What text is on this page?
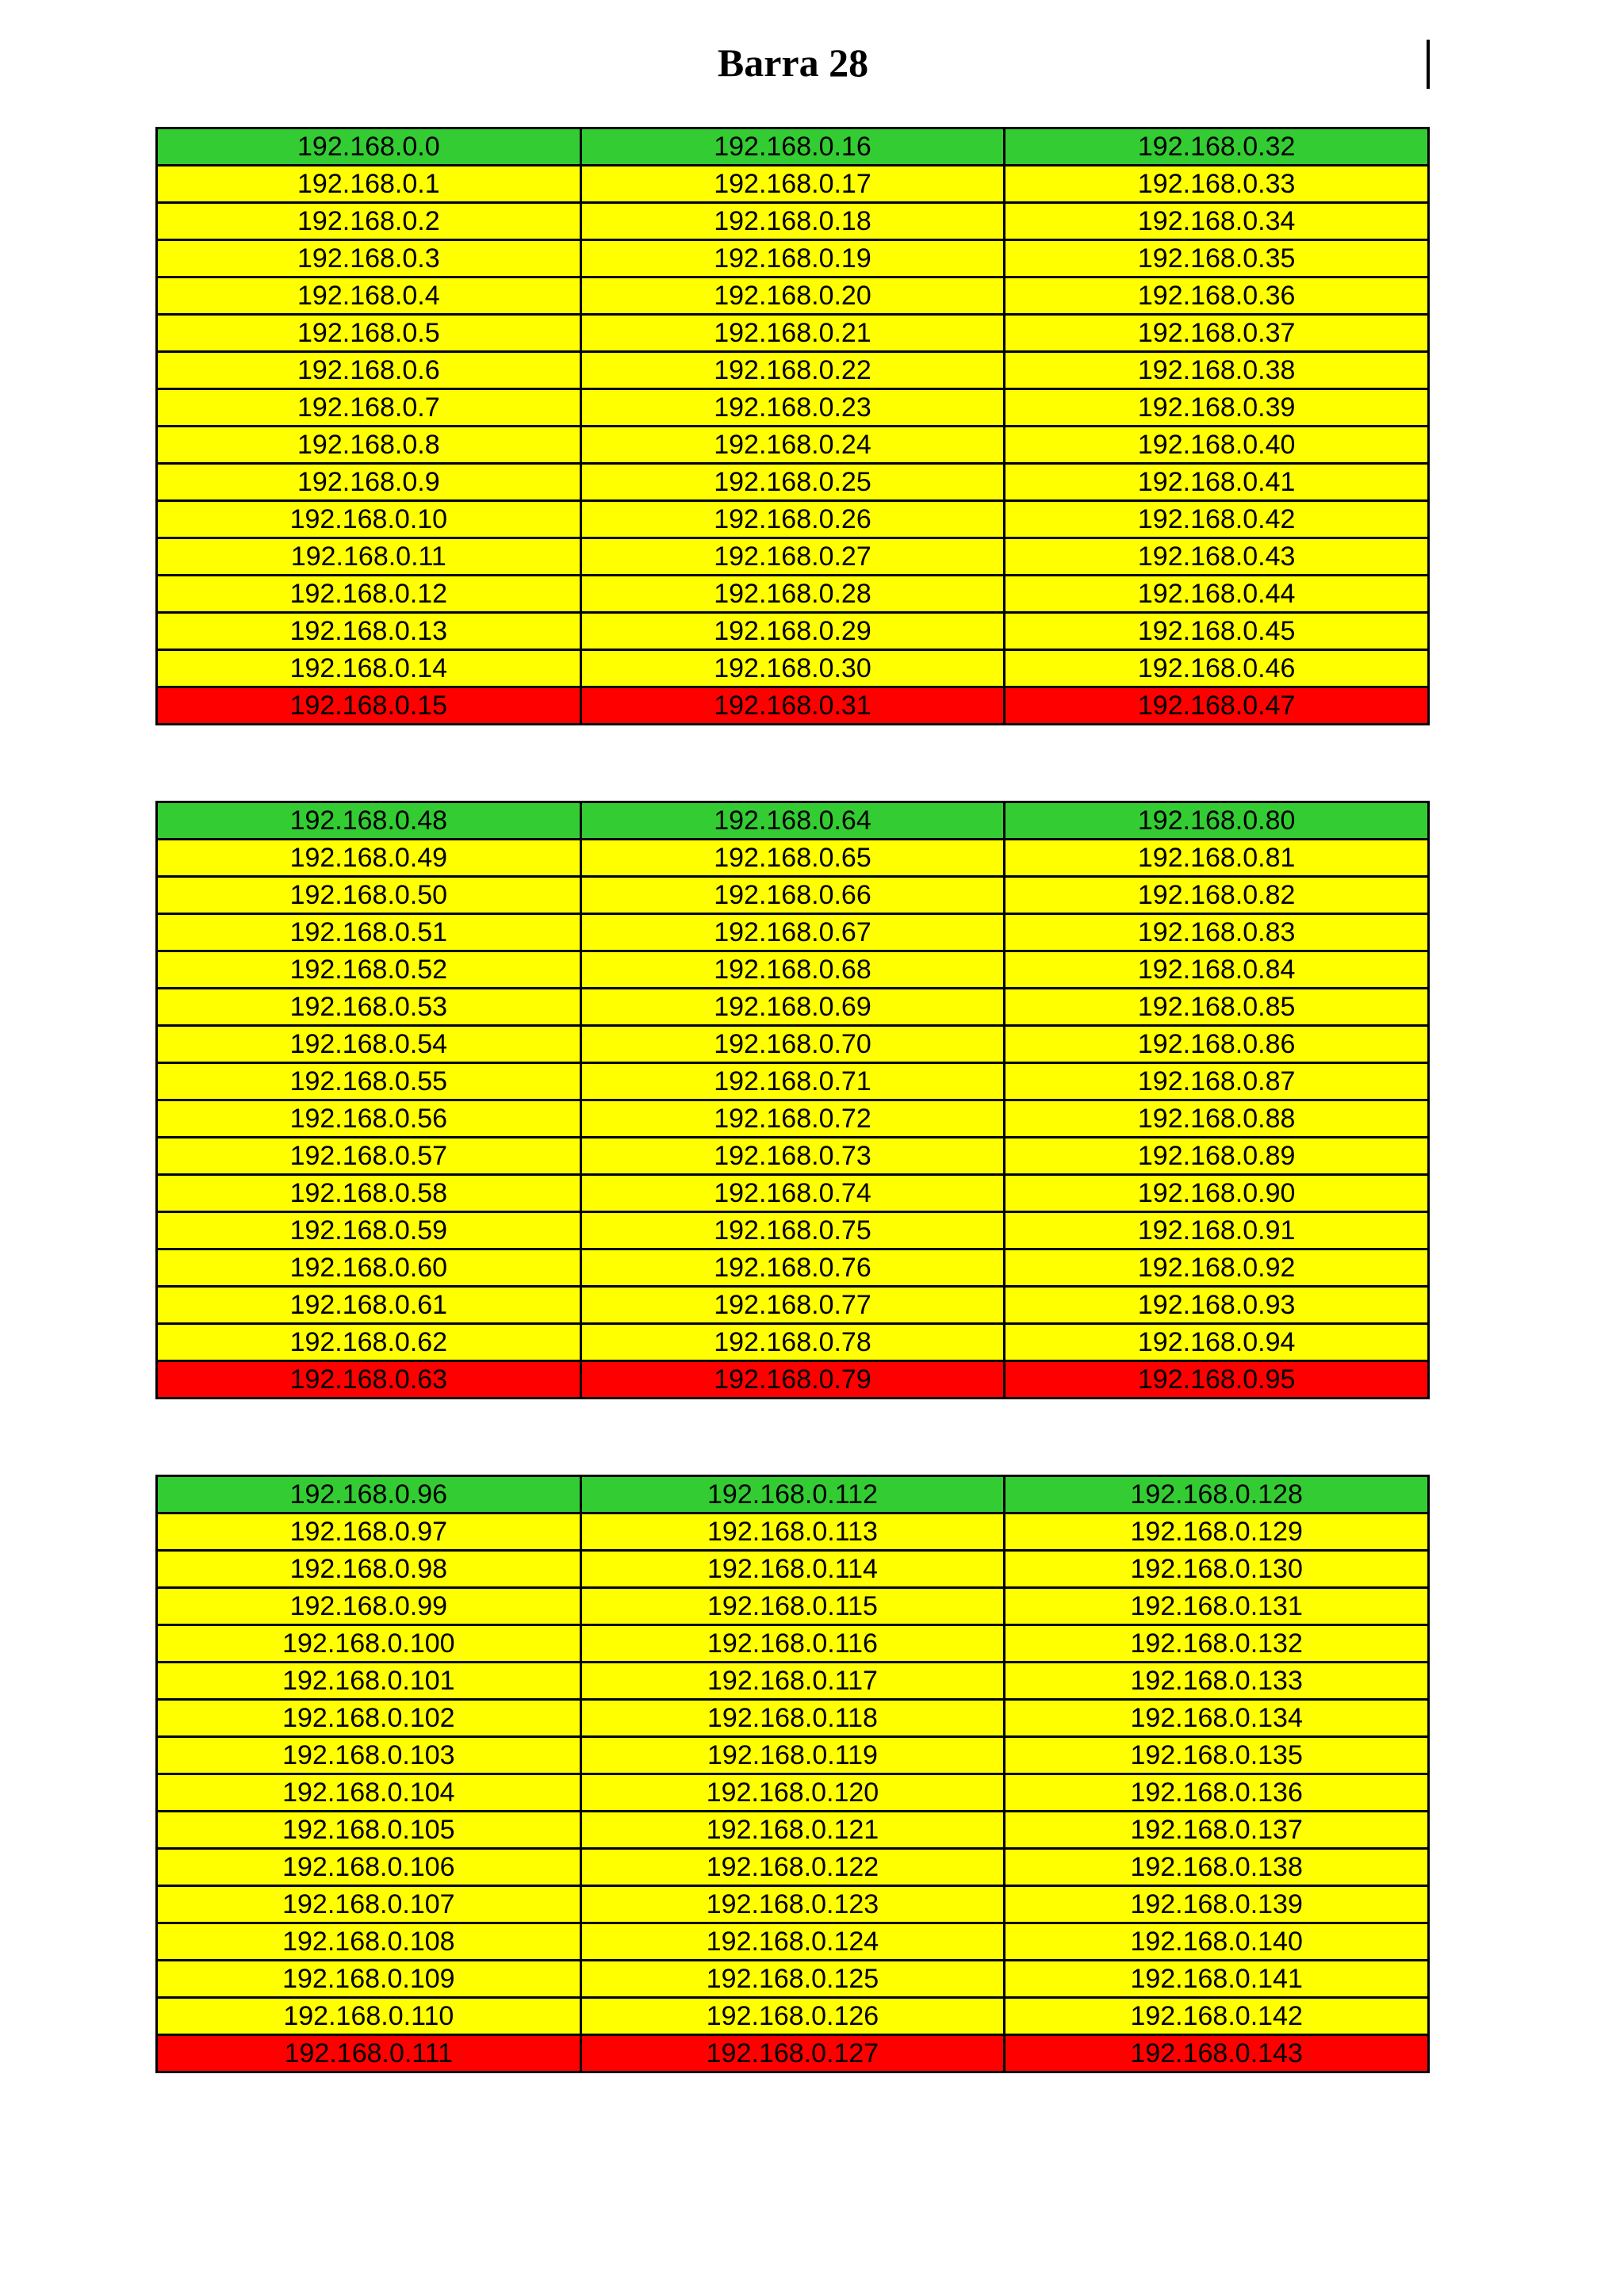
Barra 28
192.168.0.0	192.168.0.16	192.168.0.32
192.168.0.1	192.168.0.17	192.168.0.33
192.168.0.2	192.168.0.18	192.168.0.34
192.168.0.3	192.168.0.19	192.168.0.35
192.168.0.4	192.168.0.20	192.168.0.36
192.168.0.5	192.168.0.21	192.168.0.37
192.168.0.6	192.168.0.22	192.168.0.38
192.168.0.7	192.168.0.23	192.168.0.39
192.168.0.8	192.168.0.24	192.168.0.40
192.168.0.9	192.168.0.25	192.168.0.41
192.168.0.10	192.168.0.26	192.168.0.42
192.168.0.11	192.168.0.27	192.168.0.43
192.168.0.12	192.168.0.28	192.168.0.44
192.168.0.13	192.168.0.29	192.168.0.45
192.168.0.14	192.168.0.30	192.168.0.46
192.168.0.15	192.168.0.31	192.168.0.47
192.168.0.48	192.168.0.64	192.168.0.80
192.168.0.49	192.168.0.65	192.168.0.81
192.168.0.50	192.168.0.66	192.168.0.82
192.168.0.51	192.168.0.67	192.168.0.83
192.168.0.52	192.168.0.68	192.168.0.84
192.168.0.53	192.168.0.69	192.168.0.85
192.168.0.54	192.168.0.70	192.168.0.86
192.168.0.55	192.168.0.71	192.168.0.87
192.168.0.56	192.168.0.72	192.168.0.88
192.168.0.57	192.168.0.73	192.168.0.89
192.168.0.58	192.168.0.74	192.168.0.90
192.168.0.59	192.168.0.75	192.168.0.91
192.168.0.60	192.168.0.76	192.168.0.92
192.168.0.61	192.168.0.77	192.168.0.93
192.168.0.62	192.168.0.78	192.168.0.94
192.168.0.63	192.168.0.79	192.168.0.95
192.168.0.96	192.168.0.112	192.168.0.128
192.168.0.97	192.168.0.113	192.168.0.129
192.168.0.98	192.168.0.114	192.168.0.130
192.168.0.99	192.168.0.115	192.168.0.131
192.168.0.100	192.168.0.116	192.168.0.132
192.168.0.101	192.168.0.117	192.168.0.133
192.168.0.102	192.168.0.118	192.168.0.134
192.168.0.103	192.168.0.119	192.168.0.135
192.168.0.104	192.168.0.120	192.168.0.136
192.168.0.105	192.168.0.121	192.168.0.137
192.168.0.106	192.168.0.122	192.168.0.138
192.168.0.107	192.168.0.123	192.168.0.139
192.168.0.108	192.168.0.124	192.168.0.140
192.168.0.109	192.168.0.125	192.168.0.141
192.168.0.110	192.168.0.126	192.168.0.142
192.168.0.111	192.168.0.127	192.168.0.143
